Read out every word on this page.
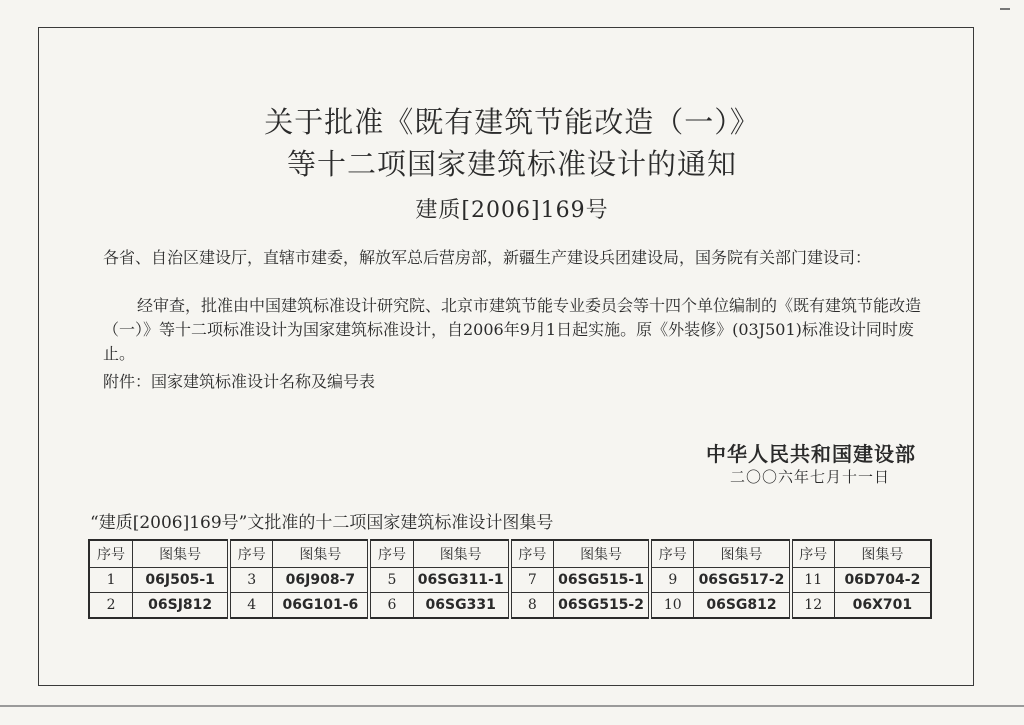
关于批准《既有建筑节能改造（一）》
等十二项国家建筑标准设计的通知
建质[2006]169号
各省、自治区建设厅，直辖市建委，解放军总后营房部，新疆生产建设兵团建设局，国务院有关部门建设司：
经审查，批准由中国建筑标准设计研究院、北京市建筑节能专业委员会等十四个单位编制的《既有建筑节能改造（一）》等十二项标准设计为国家建筑标准设计，自2006年9月1日起实施。原《外装修》(03J501)标准设计同时废止。
附件：国家建筑标准设计名称及编号表
中华人民共和国建设部
二〇〇六年七月十一日
“建质[2006]169号”文批准的十二项国家建筑标准设计图集号
序号	图集号	序号	图集号	序号	图集号	序号	图集号	序号	图集号	序号	图集号
1	06J505-1	3	06J908-7	5	06SG311-1	7	06SG515-1	9	06SG517-2	11	06D704-2
2	06SJ812	4	06G101-6	6	06SG331	8	06SG515-2	10	06SG812	12	06X701
